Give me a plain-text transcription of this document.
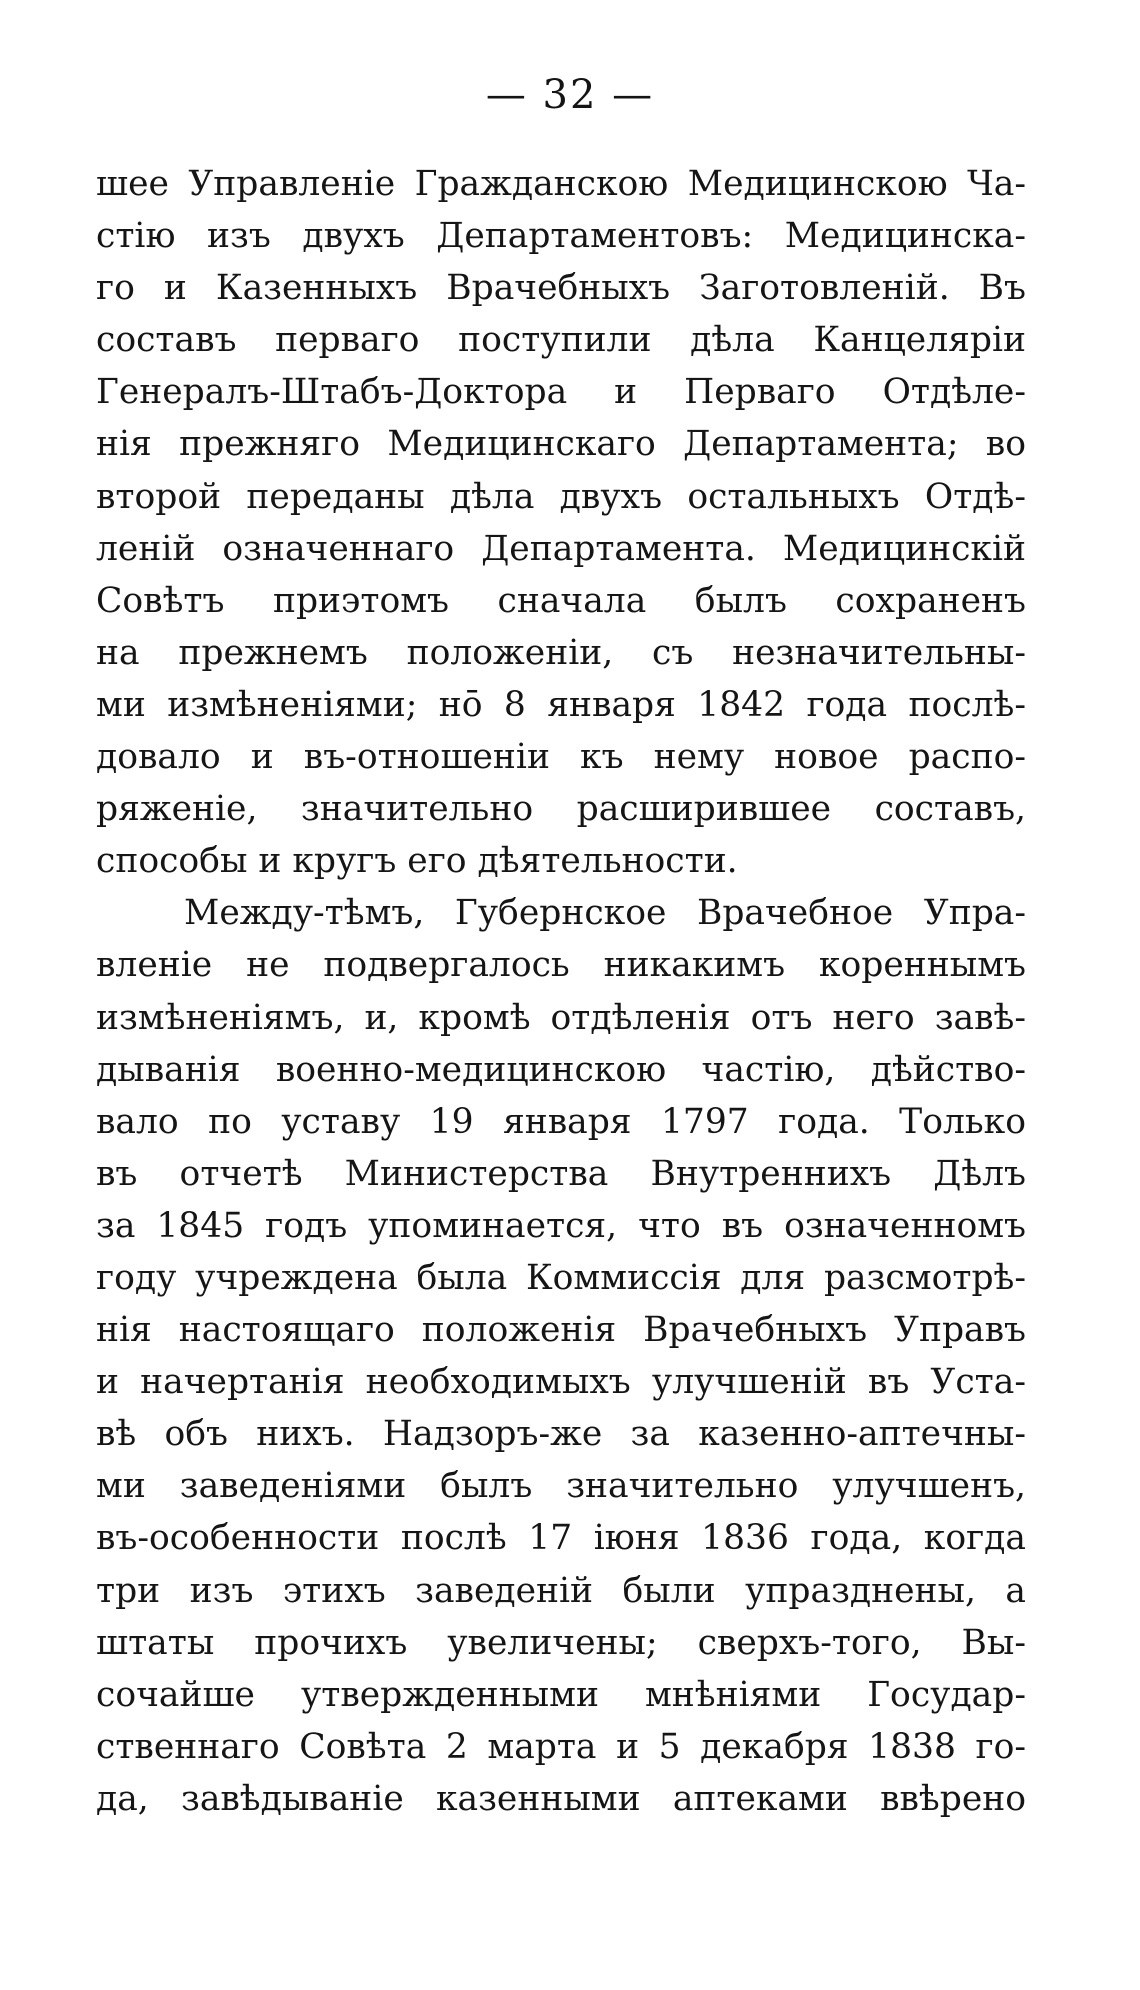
— 32 —
шее Управленіе Гражданскою Медицинскою Ча-
стію изъ двухъ Департаментовъ: Медицинска-
го и Казенныхъ Врачебныхъ Заготовленій. Въ
составъ перваго поступили дѣла Канцеляріи
Генералъ-Штабъ-Доктора и Перваго Отдѣле-
нія прежняго Медицинскаго Департамента; во
второй переданы дѣла двухъ остальныхъ Отдѣ-
леній означеннаго Департамента. Медицинскій
Совѣтъ приэтомъ сначала былъ сохраненъ
на прежнемъ положеніи, съ незначительны-
ми измѣненіями; нō 8 января 1842 года послѣ-
довало и въ-отношеніи къ нему новое распо-
ряженіе, значительно расширившее составъ,
способы и кругъ его дѣятельности.
Между-тѣмъ, Губернское Врачебное Упра-
вленіе не подвергалось никакимъ кореннымъ
измѣненіямъ, и, кромѣ отдѣленія отъ него завѣ-
дыванія военно-медицинскою частію, дѣйство-
вало по уставу 19 января 1797 года. Только
въ отчетѣ Министерства Внутреннихъ Дѣлъ
за 1845 годъ упоминается, что въ означенномъ
году учреждена была Коммиссія для разсмотрѣ-
нія настоящаго положенія Врачебныхъ Управъ
и начертанія необходимыхъ улучшеній въ Уста-
вѣ объ нихъ. Надзоръ-же за казенно-аптечны-
ми заведеніями былъ значительно улучшенъ,
въ-особенности послѣ 17 іюня 1836 года, когда
три изъ этихъ заведеній были упразднены, а
штаты прочихъ увеличены; сверхъ-того, Вы-
сочайше утвержденными мнѣніями Государ-
ственнаго Совѣта 2 марта и 5 декабря 1838 го-
да, завѣдываніе казенными аптеками ввѣрено
